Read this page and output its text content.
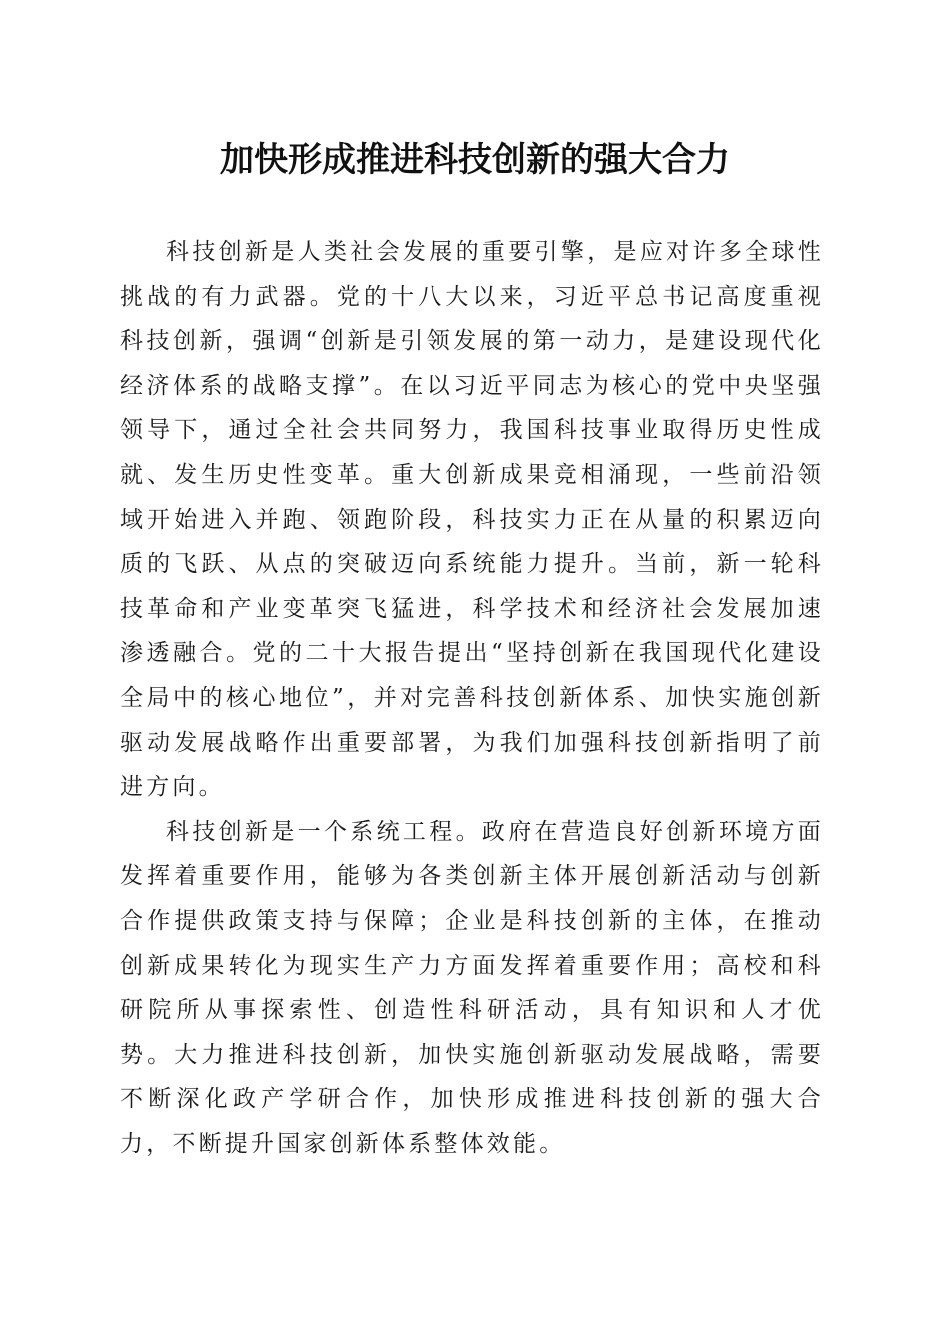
加快形成推进科技创新的强大合力

科技创新是人类社会发展的重要引擎，是应对许多全球性挑战的有力武器。党的十八大以来，习近平总书记高度重视科技创新，强调“创新是引领发展的第一动力，是建设现代化经济体系的战略支撑”。在以习近平同志为核心的党中央坚强领导下，通过全社会共同努力，我国科技事业取得历史性成就、发生历史性变革。重大创新成果竞相涌现，一些前沿领域开始进入并跑、领跑阶段，科技实力正在从量的积累迈向质的飞跃、从点的突破迈向系统能力提升。当前，新一轮科技革命和产业变革突飞猛进，科学技术和经济社会发展加速渗透融合。党的二十大报告提出“坚持创新在我国现代化建设全局中的核心地位”，并对完善科技创新体系、加快实施创新驱动发展战略作出重要部署，为我们加强科技创新指明了前进方向。

科技创新是一个系统工程。政府在营造良好创新环境方面发挥着重要作用，能够为各类创新主体开展创新活动与创新合作提供政策支持与保障；企业是科技创新的主体，在推动创新成果转化为现实生产力方面发挥着重要作用；高校和科研院所从事探索性、创造性科研活动，具有知识和人才优势。大力推进科技创新，加快实施创新驱动发展战略，需要不断深化政产学研合作，加快形成推进科技创新的强大合力，不断提升国家创新体系整体效能。
